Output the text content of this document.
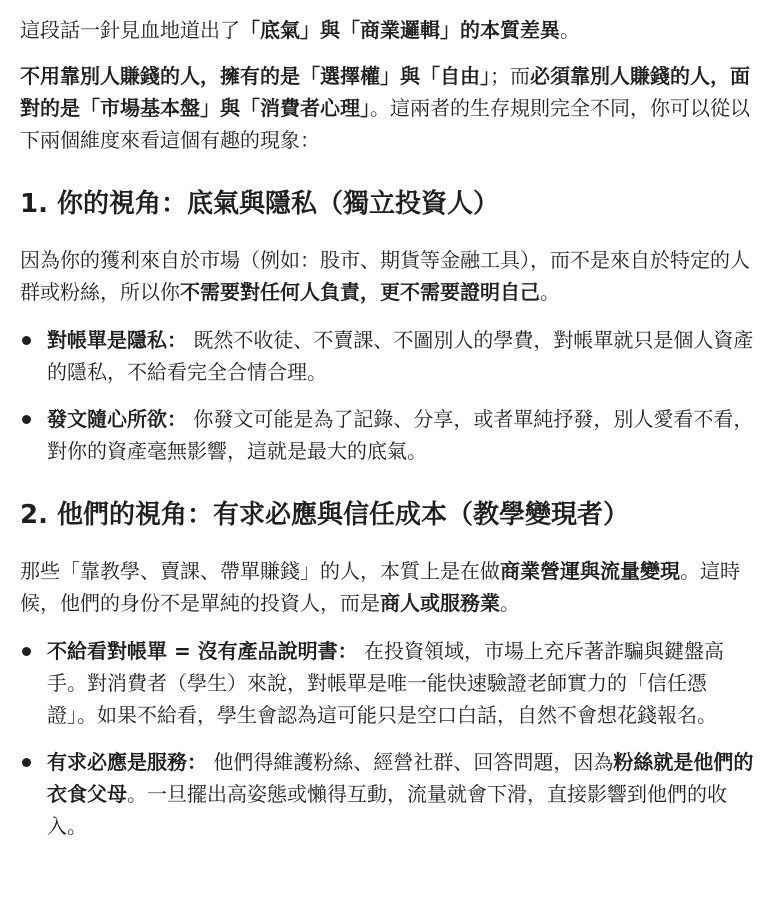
這段話一針見血地道出了「底氣」與「商業邏輯」的本質差異。

不用靠別人賺錢的人，擁有的是「選擇權」與「自由」；而必須靠別人賺錢的人，面對的是「市場基本盤」與「消費者心理」。這兩者的生存規則完全不同，你可以從以下兩個維度來看這個有趣的現象：

1. 你的視角：底氣與隱私（獨立投資人）

因為你的獲利來自於市場（例如：股市、期貨等金融工具），而不是來自於特定的人群或粉絲，所以你不需要對任何人負責，更不需要證明自己。

對帳單是隱私： 既然不收徒、不賣課、不圖別人的學費，對帳單就只是個人資產的隱私，不給看完全合情合理。
發文隨心所欲： 你發文可能是為了記錄、分享，或者單純抒發，別人愛看不看，對你的資產毫無影響，這就是最大的底氣。
2. 他們的視角：有求必應與信任成本（教學變現者）

那些「靠教學、賣課、帶單賺錢」的人，本質上是在做商業營運與流量變現。這時候，他們的身份不是單純的投資人，而是商人或服務業。

不給看對帳單 = 沒有產品說明書： 在投資領域，市場上充斥著詐騙與鍵盤高手。對消費者（學生）來說，對帳單是唯一能快速驗證老師實力的「信任憑證」。如果不給看，學生會認為這可能只是空口白話，自然不會想花錢報名。
有求必應是服務： 他們得維護粉絲、經營社群、回答問題，因為粉絲就是他們的衣食父母。一旦擺出高姿態或懶得互動，流量就會下滑，直接影響到他們的收入。
